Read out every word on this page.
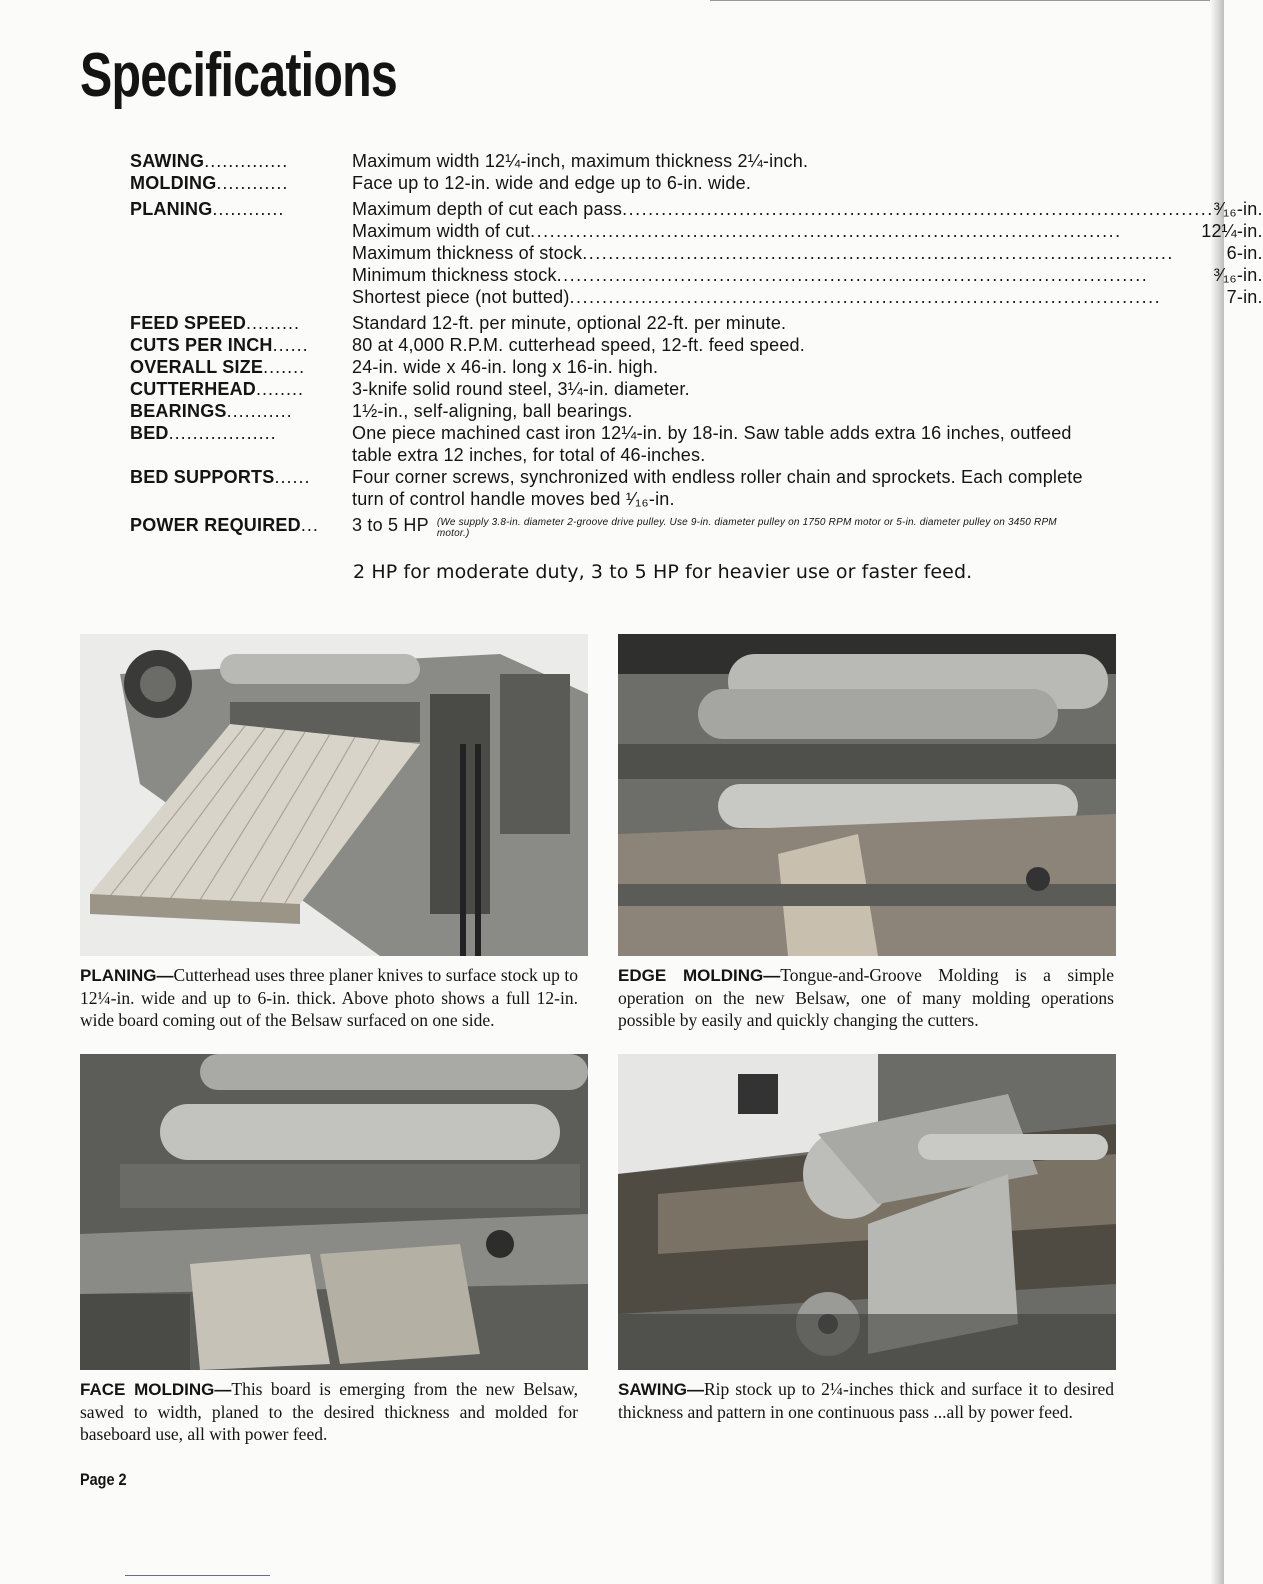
Specifications
SAWING..............	Maximum width 12¼-inch, maximum thickness 2¼-inch.
MOLDING............	Face up to 12-in. wide and edge up to 6-in. wide.
PLANING............	Maximum depth of cut each pass ........................................................................................... ³⁄₁₆-in.
Maximum width of cut ...........................................................................................	12¼-in.
Maximum thickness of stock ...........................................................................................	6-in.
Minimum thickness stock ...........................................................................................	³⁄₁₆-in.
Shortest piece (not butted) ...........................................................................................	7-in.
FEED SPEED.........	Standard 12-ft. per minute, optional 22-ft. per minute.
CUTS PER INCH......	80 at 4,000 R.P.M. cutterhead speed, 12-ft. feed speed.
OVERALL SIZE.......	24-in. wide x 46-in. long x 16-in. high.
CUTTERHEAD........	3-knife solid round steel, 3¼-in. diameter.
BEARINGS...........	1½-in., self-aligning, ball bearings.
BED..................	One piece machined cast iron 12¼-in. by 18-in. Saw table adds extra 16 inches, outfeed table extra 12 inches, for total of 46-inches.
BED SUPPORTS......	Four corner screws, synchronized with endless roller chain and sprockets. Each complete turn of control handle moves bed ¹⁄₁₆-in.
POWER REQUIRED...	3 to 5 HP (We supply 3.8-in. diameter 2-groove drive pulley. Use 9-in. diameter pulley on 1750 RPM motor or 5-in. diameter pulley on 3450 RPM motor.)
2 HP for moderate duty, 3 to 5 HP for heavier use or faster feed.

PLANING—Cutterhead uses three planer knives to surface stock up to 12¼-in. wide and up to 6-in. thick. Above photo shows a full 12-in. wide board coming out of the Belsaw surfaced on one side.

EDGE MOLDING—Tongue-and-Groove Molding is a simple operation on the new Belsaw, one of many molding operations possible by easily and quickly changing the cutters.

FACE MOLDING—This board is emerging from the new Belsaw, sawed to width, planed to the desired thickness and molded for baseboard use, all with power feed.

SAWING—Rip stock up to 2¼-inches thick and surface it to desired thickness and pattern in one continuous pass ...all by power feed.

Page 2
